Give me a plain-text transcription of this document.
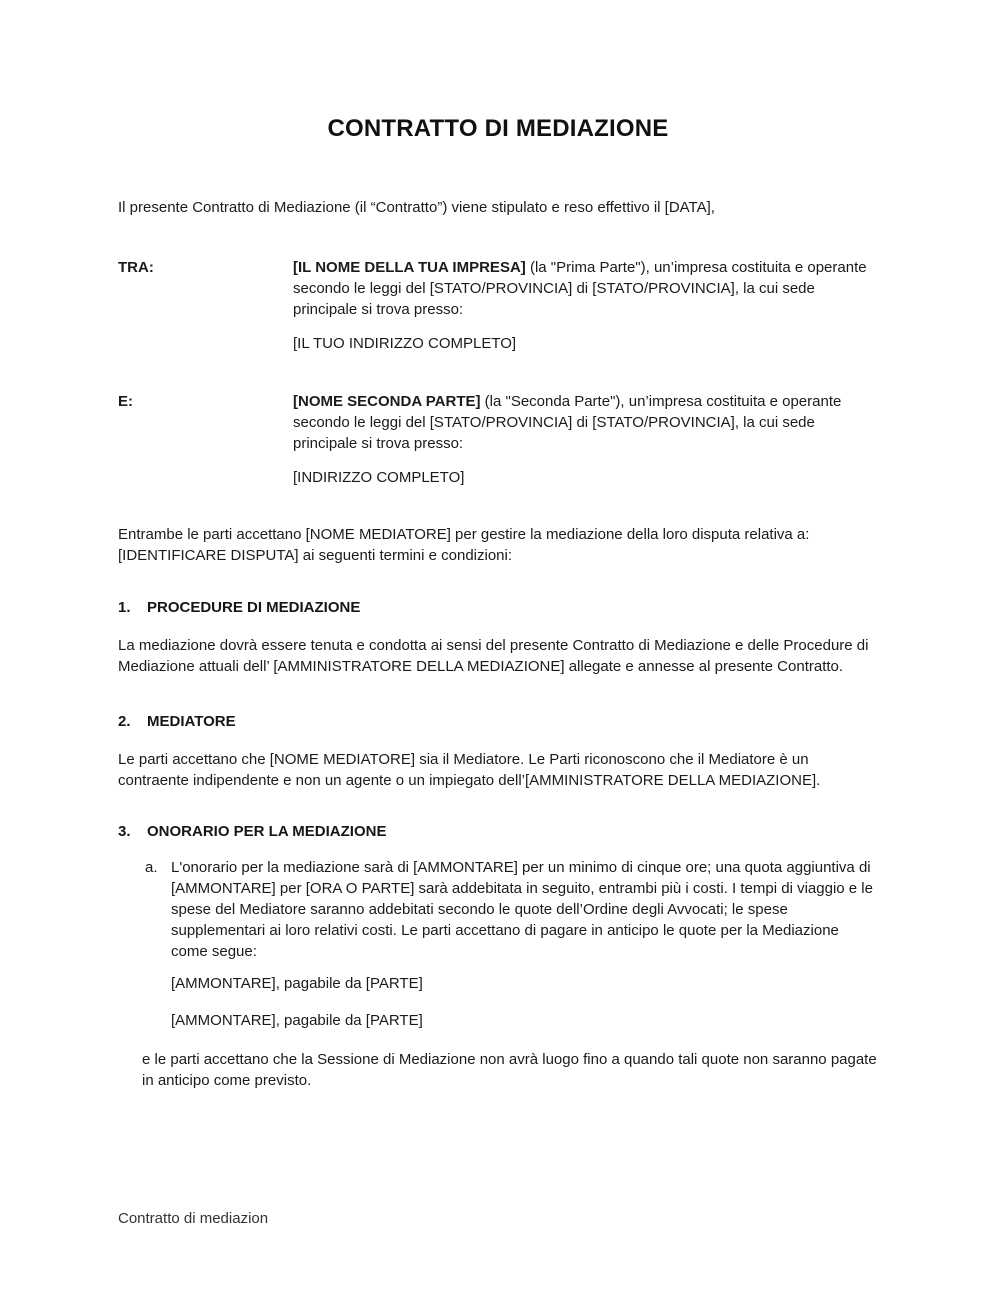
CONTRATTO DI MEDIAZIONE

Il presente Contratto di Mediazione (il “Contratto”) viene stipulato e reso effettivo il [DATA],

TRA:	[IL NOME DELLA TUA IMPRESA] (la "Prima Parte"), un’impresa costituita e operante secondo le leggi del [STATO/PROVINCIA] di [STATO/PROVINCIA], la cui sede principale si trova presso:

[IL TUO INDIRIZZO COMPLETO]

E:	[NOME SECONDA PARTE] (la "Seconda Parte"), un’impresa costituita e operante secondo le leggi del [STATO/PROVINCIA] di [STATO/PROVINCIA], la cui sede principale si trova presso:

[INDIRIZZO COMPLETO]

Entrambe le parti accettano [NOME MEDIATORE] per gestire la mediazione della loro disputa relativa a: [IDENTIFICARE DISPUTA] ai seguenti termini e condizioni:

1. PROCEDURE DI MEDIAZIONE

La mediazione dovrà essere tenuta e condotta ai sensi del presente Contratto di Mediazione e delle Procedure di Mediazione attuali dell’ [AMMINISTRATORE DELLA MEDIAZIONE] allegate e annesse al presente Contratto.

2. MEDIATORE

Le parti accettano che [NOME MEDIATORE] sia il Mediatore. Le Parti riconoscono che il Mediatore è un contraente indipendente e non un agente o un impiegato dell’[AMMINISTRATORE DELLA MEDIAZIONE].

3. ONORARIO PER LA MEDIAZIONE
a. L'onorario per la mediazione sarà di [AMMONTARE] per un minimo di cinque ore; una quota aggiuntiva di [AMMONTARE] per [ORA O PARTE] sarà addebitata in seguito, entrambi più i costi. I tempi di viaggio e le spese del Mediatore saranno addebitati secondo le quote dell’Ordine degli Avvocati; le spese supplementari ai loro relativi costi. Le parti accettano di pagare in anticipo le quote per la Mediazione come segue:

[AMMONTARE], pagabile da [PARTE]

[AMMONTARE], pagabile da [PARTE]

e le parti accettano che la Sessione di Mediazione non avrà luogo fino a quando tali quote non saranno pagate in anticipo come previsto.

Contratto di mediazion
